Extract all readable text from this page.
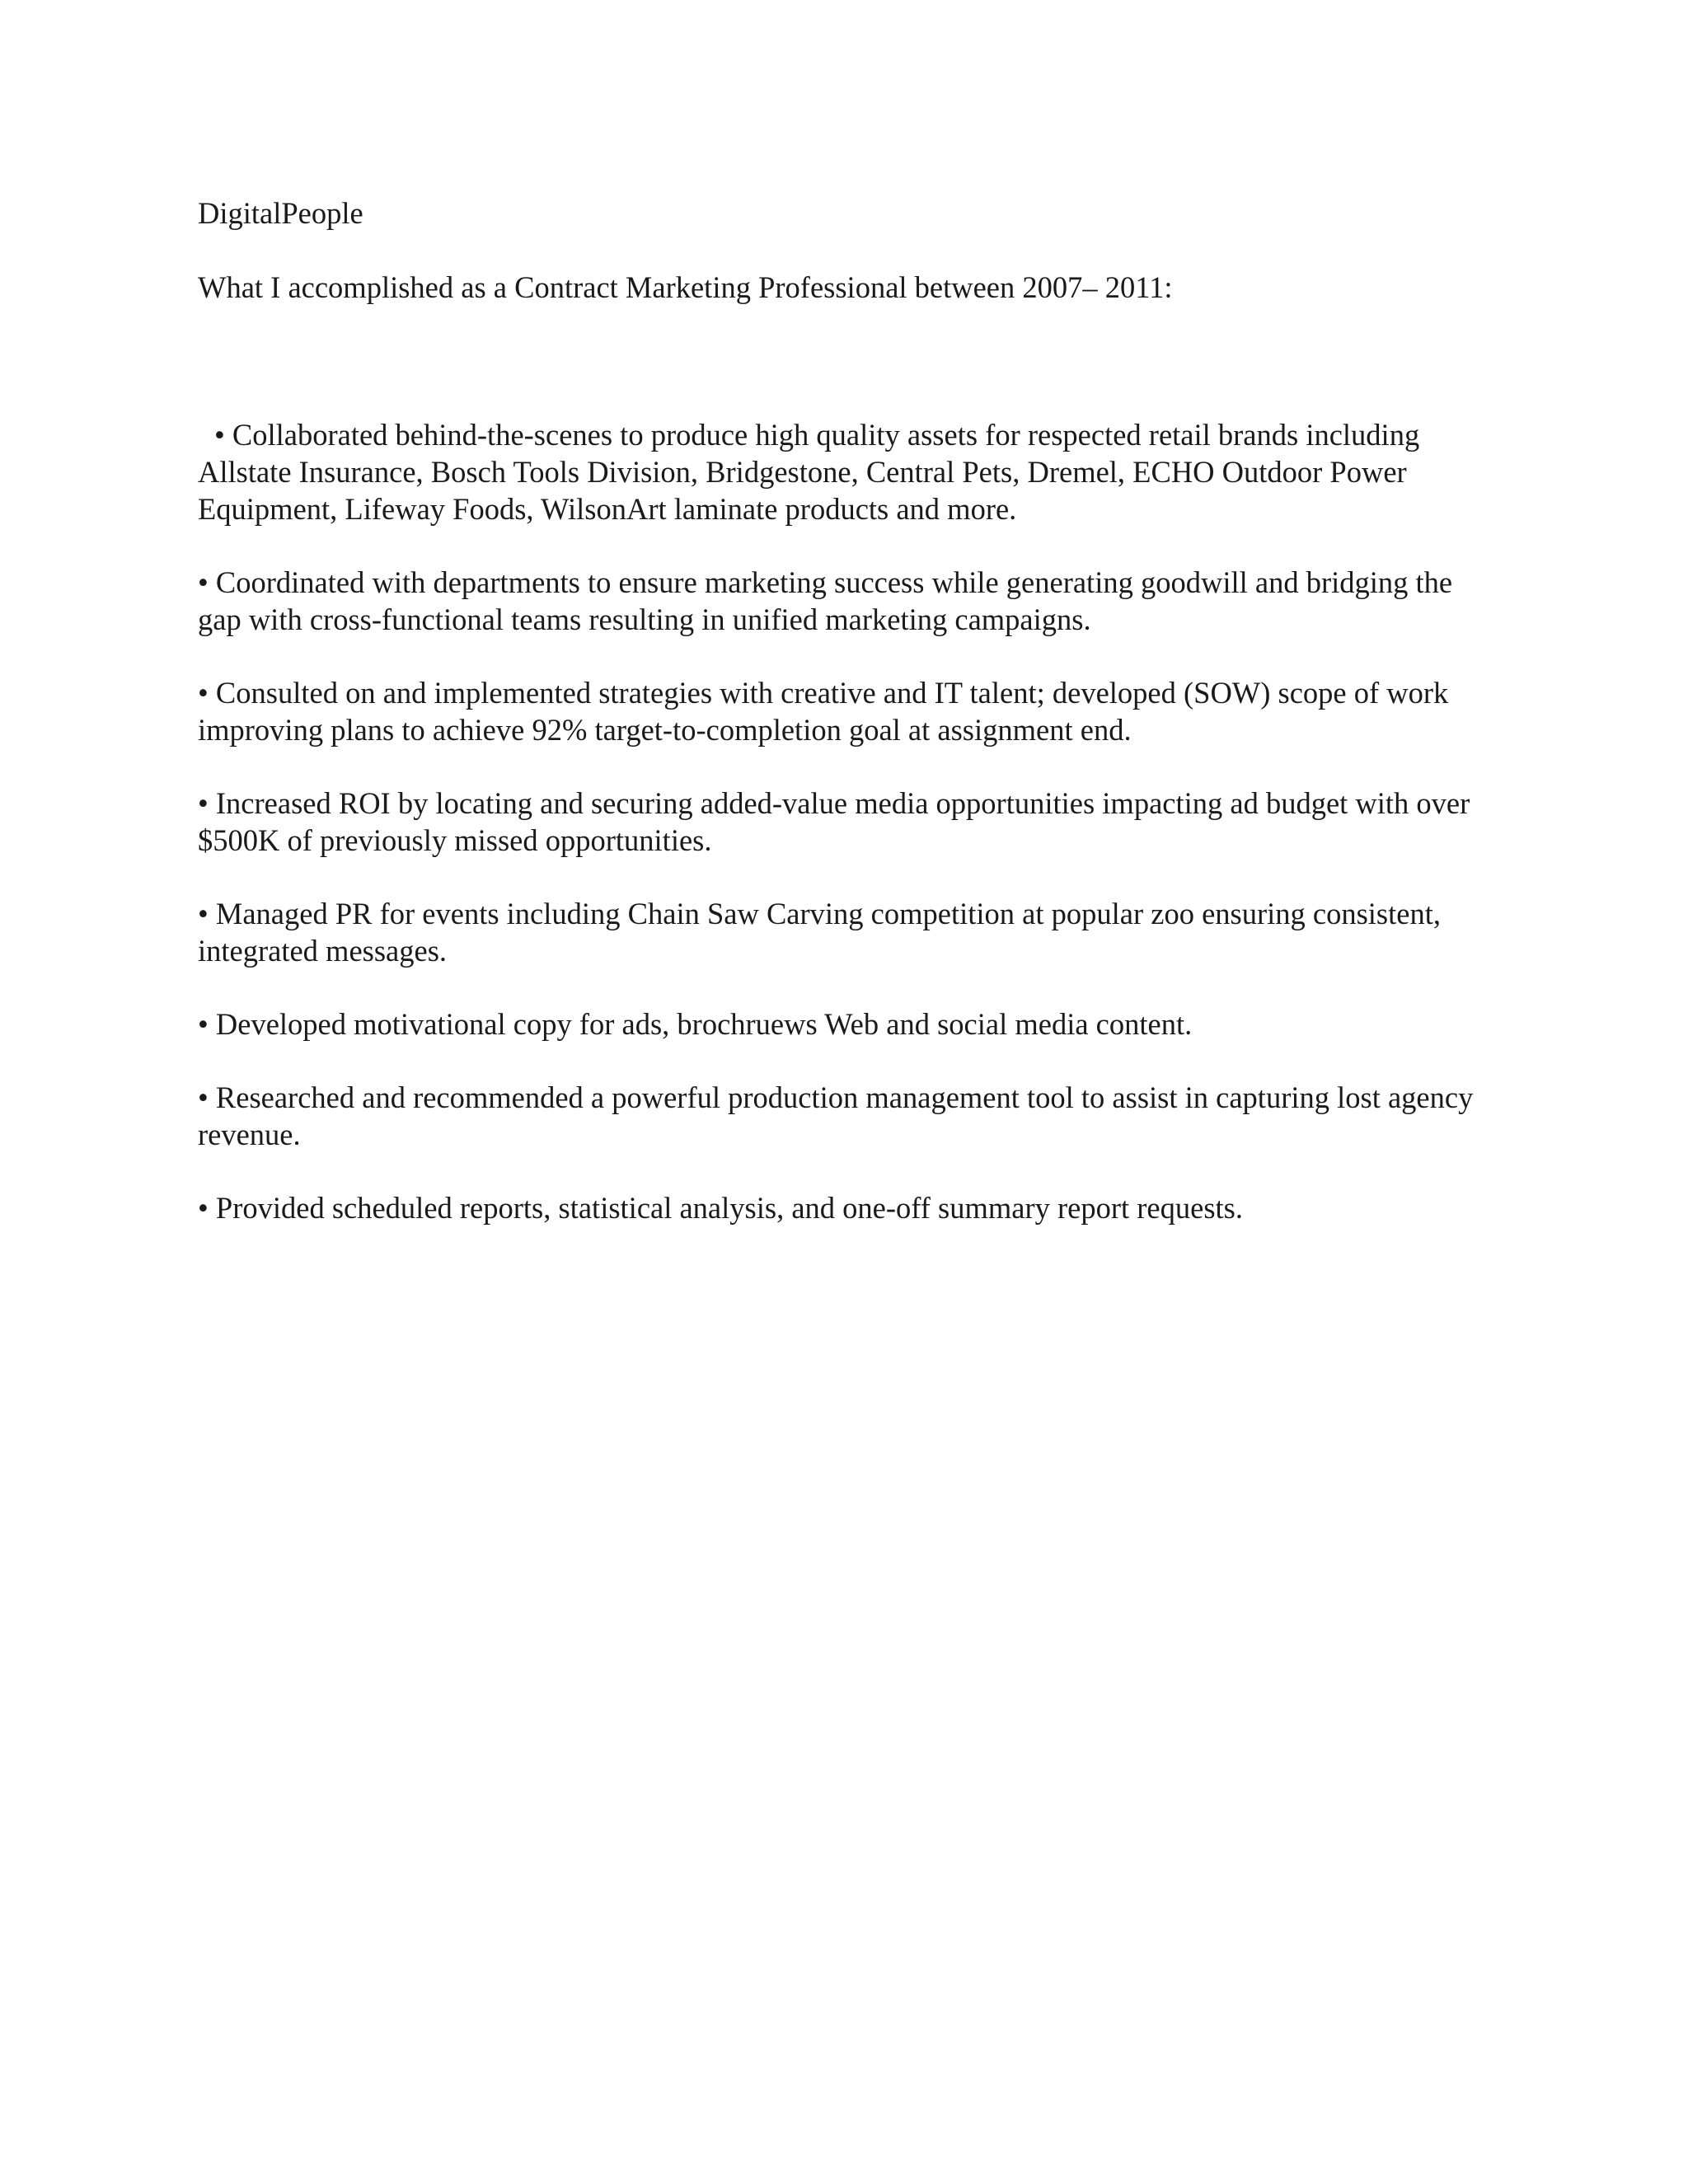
DigitalPeople

What I accomplished as a Contract Marketing Professional between 2007– 2011:

• Collaborated behind-the-scenes to produce high quality assets for respected retail brands including Allstate Insurance, Bosch Tools Division, Bridgestone, Central Pets, Dremel, ECHO Outdoor Power Equipment, Lifeway Foods, WilsonArt laminate products and more.
• Coordinated with departments to ensure marketing success while generating goodwill and bridging the gap with cross-functional teams resulting in unified marketing campaigns.
• Consulted on and implemented strategies with creative and IT talent; developed (SOW) scope of work improving plans to achieve 92% target-to-completion goal at assignment end.
• Increased ROI by locating and securing added-value media opportunities impacting ad budget with over $500K of previously missed opportunities.
• Managed PR for events including Chain Saw Carving competition at popular zoo ensuring consistent, integrated messages.
• Developed motivational copy for ads, brochruews Web and social media content.
• Researched and recommended a powerful production management tool to assist in capturing lost agency revenue.
• Provided scheduled reports, statistical analysis, and one-off summary report requests.
